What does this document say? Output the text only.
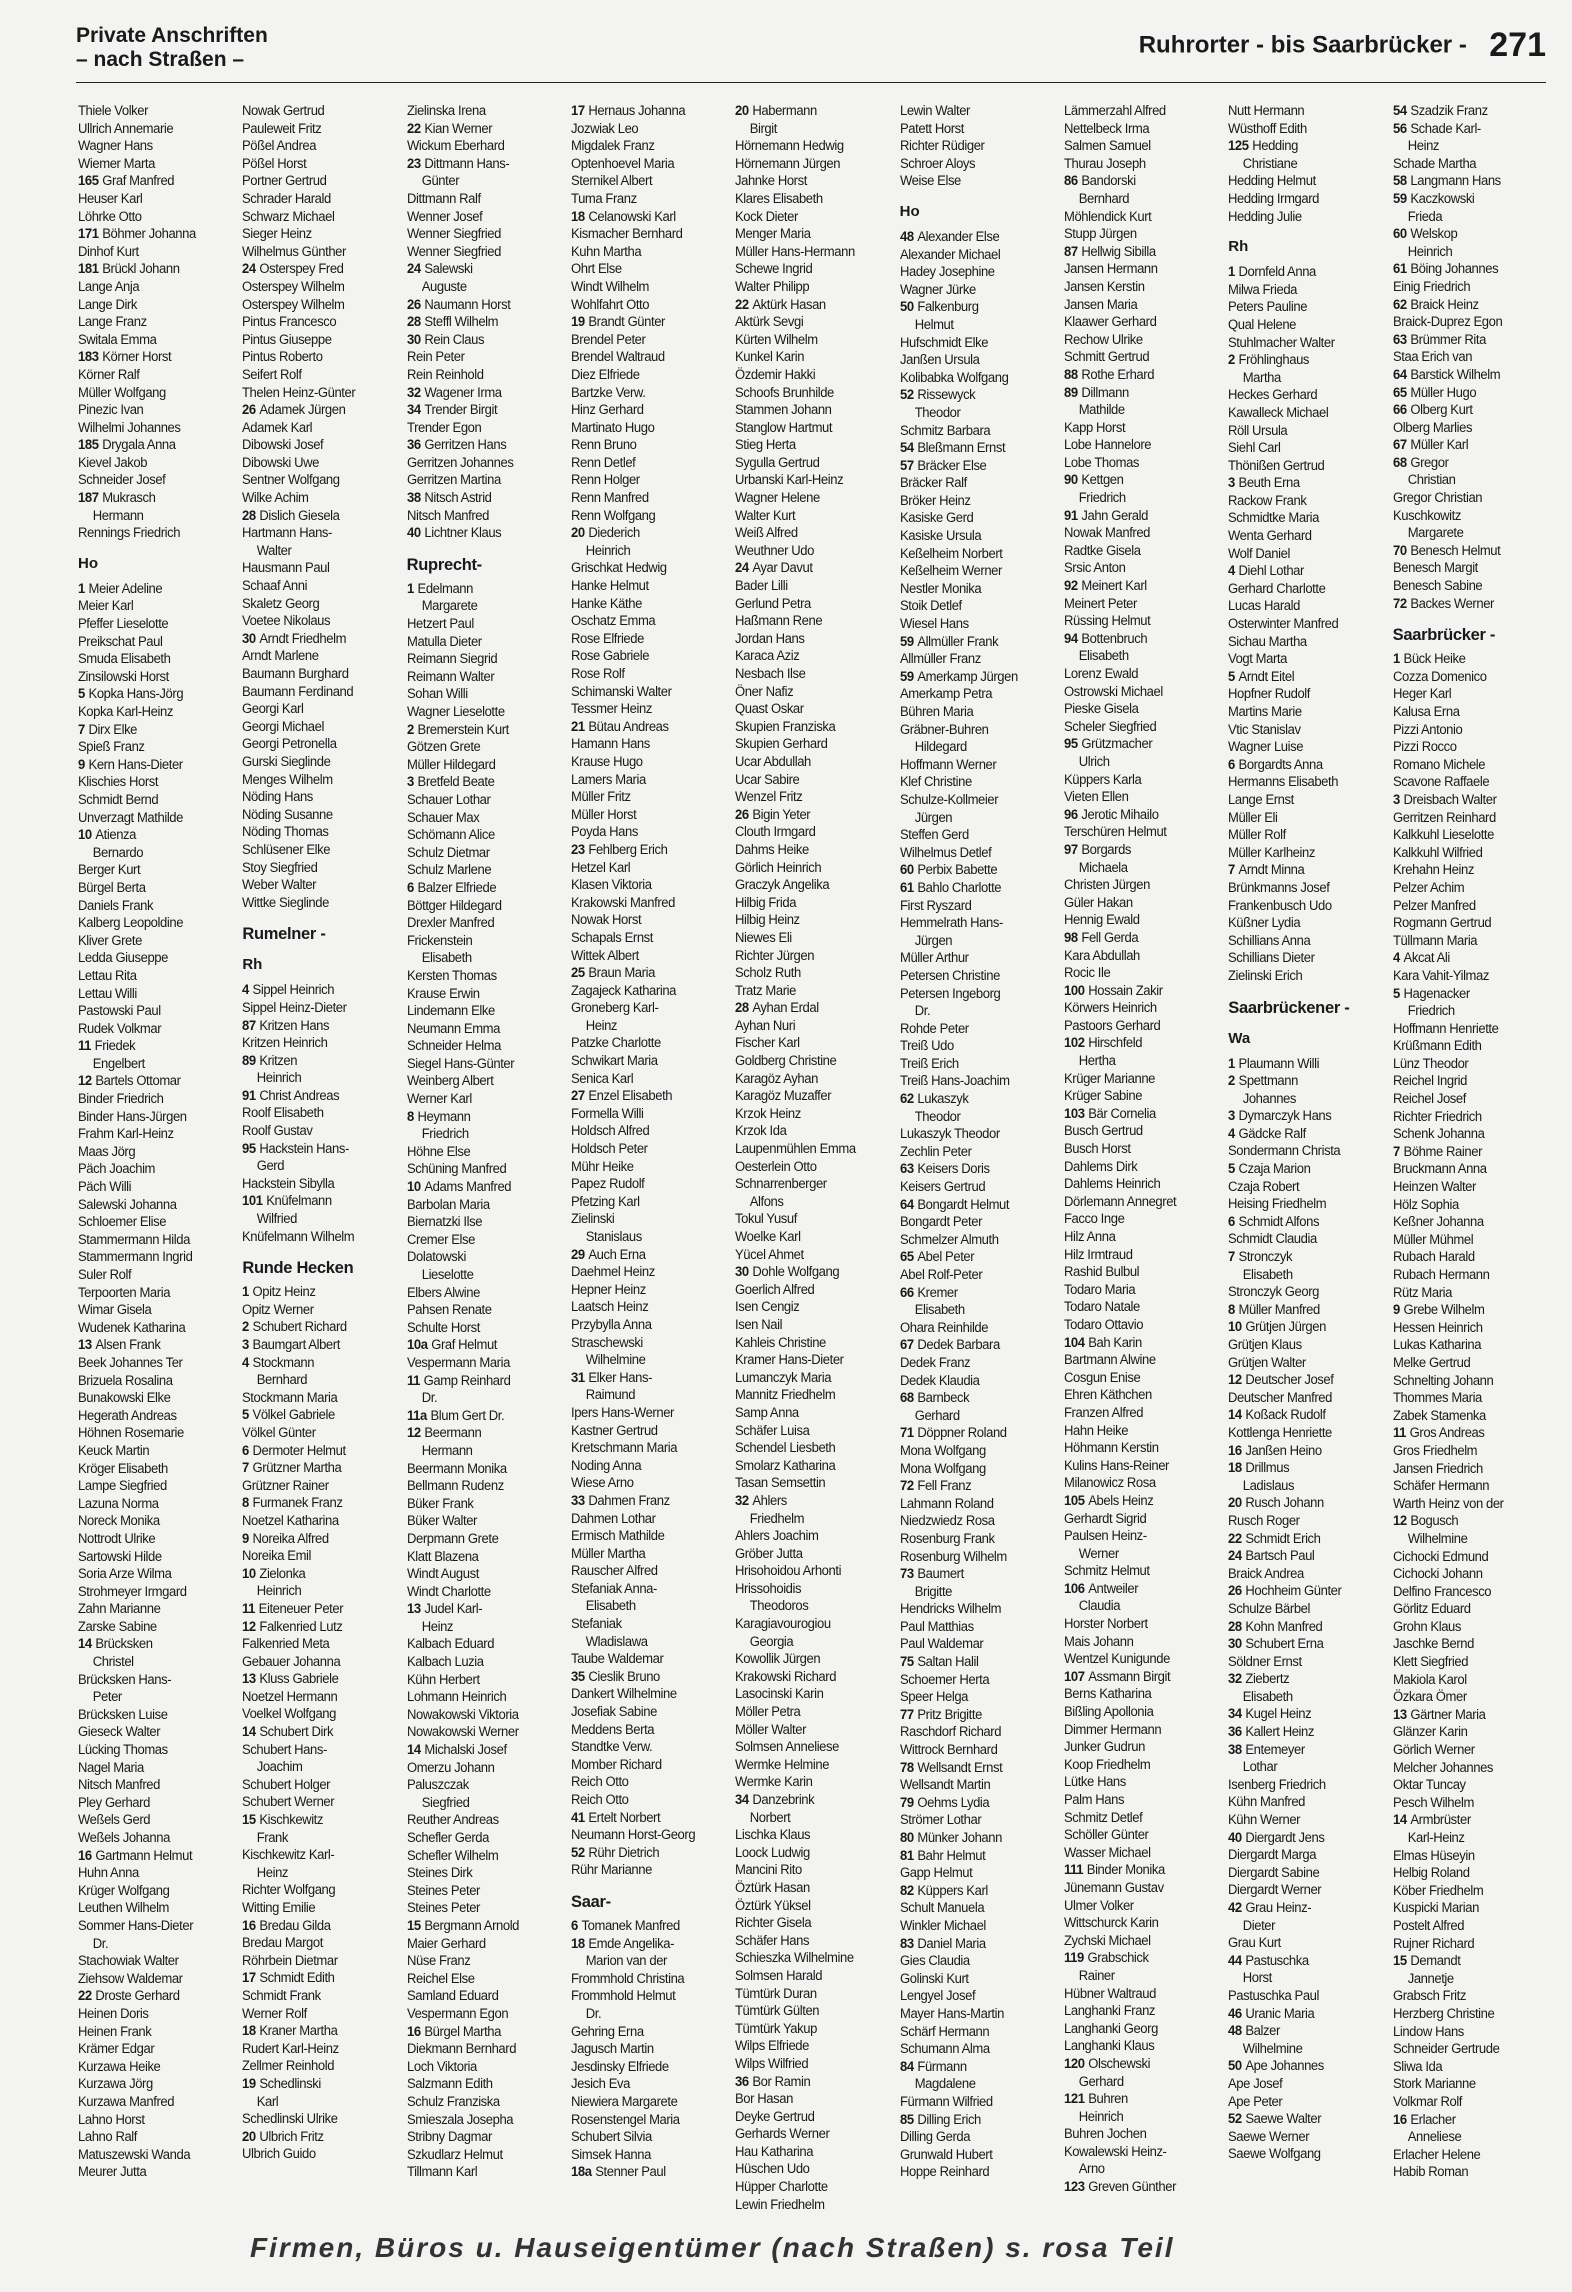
Private Anschriften
– nach Straßen –
Ruhrorter - bis Saarbrücker - 271
Thiele Volker
Ullrich Annemarie
Wagner Hans
Wiemer Marta
165 Graf Manfred
Heuser Karl
Löhrke Otto
171 Böhmer Johanna
Dinhof Kurt
181 Brückl Johann
Lange Anja
Lange Dirk
Lange Franz
Switala Emma
183 Körner Horst
Körner Ralf
Müller Wolfgang
Pinezic Ivan
Wilhelmi Johannes
185 Drygala Anna
Kievel Jakob
Schneider Josef
187 Mukrasch
Hermann
Rennings Friedrich
Ho
1 Meier Adeline
Meier Karl
Pfeffer Lieselotte
Preikschat Paul
Smuda Elisabeth
Zinsilowski Horst
5 Kopka Hans-Jörg
Kopka Karl-Heinz
7 Dirx Elke
Spieß Franz
9 Kern Hans-Dieter
Klischies Horst
Schmidt Bernd
Unverzagt Mathilde
10 Atienza
Bernardo
Berger Kurt
Bürgel Berta
Daniels Frank
Kalberg Leopoldine
Kliver Grete
Ledda Giuseppe
Lettau Rita
Lettau Willi
Pastowski Paul
Rudek Volkmar
11 Friedek
Engelbert
12 Bartels Ottomar
Binder Friedrich
Binder Hans-Jürgen
Frahm Karl-Heinz
Maas Jörg
Päch Joachim
Päch Willi
Salewski Johanna
Schloemer Elise
Stammermann Hilda
Stammermann Ingrid
Suler Rolf
Terpoorten Maria
Wimar Gisela
Wudenek Katharina
13 Alsen Frank
Beek Johannes Ter
Brizuela Rosalina
Bunakowski Elke
Hegerath Andreas
Höhnen Rosemarie
Keuck Martin
Kröger Elisabeth
Lampe Siegfried
Lazuna Norma
Noreck Monika
Nottrodt Ulrike
Sartowski Hilde
Soria Arze Wilma
Strohmeyer Irmgard
Zahn Marianne
Zarske Sabine
14 Brücksken
Christel
Brücksken Hans-
Peter
Brücksken Luise
Gieseck Walter
Lücking Thomas
Nagel Maria
Nitsch Manfred
Pley Gerhard
Weßels Gerd
Weßels Johanna
16 Gartmann Helmut
Huhn Anna
Krüger Wolfgang
Leuthen Wilhelm
Sommer Hans-Dieter
Dr.
Stachowiak Walter
Ziehsow Waldemar
22 Droste Gerhard
Heinen Doris
Heinen Frank
Krämer Edgar
Kurzawa Heike
Kurzawa Jörg
Kurzawa Manfred
Lahno Horst
Lahno Ralf
Matuszewski Wanda
Meurer Jutta
Nowak Gertrud
Pauleweit Fritz
Pößel Andrea
Pößel Horst
Portner Gertrud
Schrader Harald
Schwarz Michael
Sieger Heinz
Wilhelmus Günther
24 Osterspey Fred
Osterspey Wilhelm
Osterspey Wilhelm
Pintus Francesco
Pintus Giuseppe
Pintus Roberto
Seifert Rolf
Thelen Heinz-Günter
26 Adamek Jürgen
Adamek Karl
Dibowski Josef
Dibowski Uwe
Sentner Wolfgang
Wilke Achim
28 Dislich Giesela
Hartmann Hans-
Walter
Hausmann Paul
Schaaf Anni
Skaletz Georg
Voetee Nikolaus
30 Arndt Friedhelm
Arndt Marlene
Baumann Burghard
Baumann Ferdinand
Georgi Karl
Georgi Michael
Georgi Petronella
Gurski Sieglinde
Menges Wilhelm
Nöding Hans
Nöding Susanne
Nöding Thomas
Schlüsener Elke
Stoy Siegfried
Weber Walter
Wittke Sieglinde
Rumelner -
Rh
4 Sippel Heinrich
Sippel Heinz-Dieter
87 Kritzen Hans
Kritzen Heinrich
89 Kritzen
Heinrich
91 Christ Andreas
Roolf Elisabeth
Roolf Gustav
95 Hackstein Hans-
Gerd
Hackstein Sibylla
101 Knüfelmann
Wilfried
Knüfelmann Wilhelm
Runde Hecken
1 Opitz Heinz
Opitz Werner
2 Schubert Richard
3 Baumgart Albert
4 Stockmann
Bernhard
Stockmann Maria
5 Völkel Gabriele
Völkel Günter
6 Dermoter Helmut
7 Grützner Martha
Grützner Rainer
8 Furmanek Franz
Noetzel Katharina
9 Noreika Alfred
Noreika Emil
10 Zielonka
Heinrich
11 Eiteneuer Peter
12 Falkenried Lutz
Falkenried Meta
Gebauer Johanna
13 Kluss Gabriele
Noetzel Hermann
Voelkel Wolfgang
14 Schubert Dirk
Schubert Hans-
Joachim
Schubert Holger
Schubert Werner
15 Kischkewitz
Frank
Kischkewitz Karl-
Heinz
Richter Wolfgang
Witting Emilie
16 Bredau Gilda
Bredau Margot
Röhrbein Dietmar
17 Schmidt Edith
Schmidt Frank
Werner Rolf
18 Kraner Martha
Rudert Karl-Heinz
Zellmer Reinhold
19 Schedlinski
Karl
Schedlinski Ulrike
20 Ulbrich Fritz
Ulbrich Guido
Zielinska Irena
22 Kian Werner
Wickum Eberhard
23 Dittmann Hans-
Günter
Dittmann Ralf
Wenner Josef
Wenner Siegfried
Wenner Siegfried
24 Salewski
Auguste
26 Naumann Horst
28 Steffl Wilhelm
30 Rein Claus
Rein Peter
Rein Reinhold
32 Wagener Irma
34 Trender Birgit
Trender Egon
36 Gerritzen Hans
Gerritzen Johannes
Gerritzen Martina
38 Nitsch Astrid
Nitsch Manfred
40 Lichtner Klaus
Ruprecht-
1 Edelmann
Margarete
Hetzert Paul
Matulla Dieter
Reimann Siegrid
Reimann Walter
Sohan Willi
Wagner Lieselotte
2 Bremerstein Kurt
Götzen Grete
Müller Hildegard
3 Bretfeld Beate
Schauer Lothar
Schauer Max
Schömann Alice
Schulz Dietmar
Schulz Marlene
6 Balzer Elfriede
Böttger Hildegard
Drexler Manfred
Frickenstein
Elisabeth
Kersten Thomas
Krause Erwin
Lindemann Elke
Neumann Emma
Schneider Helma
Siegel Hans-Günter
Weinberg Albert
Werner Karl
8 Heymann
Friedrich
Höhne Else
Schüning Manfred
10 Adams Manfred
Barbolan Maria
Biernatzki Ilse
Cremer Else
Dolatowski
Lieselotte
Elbers Alwine
Pahsen Renate
Schulte Horst
10a Graf Helmut
Vespermann Maria
11 Gamp Reinhard
Dr.
11a Blum Gert Dr.
12 Beermann
Hermann
Beermann Monika
Bellmann Rudenz
Büker Frank
Büker Walter
Derpmann Grete
Klatt Blazena
Windt August
Windt Charlotte
13 Judel Karl-
Heinz
Kalbach Eduard
Kalbach Luzia
Kühn Herbert
Lohmann Heinrich
Nowakowski Viktoria
Nowakowski Werner
14 Michalski Josef
Omerzu Johann
Paluszczak
Siegfried
Reuther Andreas
Schefler Gerda
Schefler Wilhelm
Steines Dirk
Steines Peter
Steines Peter
15 Bergmann Arnold
Maier Gerhard
Nüse Franz
Reichel Else
Samland Eduard
Vespermann Egon
16 Bürgel Martha
Diekmann Bernhard
Loch Viktoria
Salzmann Edith
Schulz Franziska
Smieszala Josepha
Stribny Dagmar
Szkudlarz Helmut
Tillmann Karl
17 Hernaus Johanna
Jozwiak Leo
Migdalek Franz
Optenhoevel Maria
Sternikel Albert
Tuma Franz
18 Celanowski Karl
Kismacher Bernhard
Kuhn Martha
Ohrt Else
Windt Wilhelm
Wohlfahrt Otto
19 Brandt Günter
Brendel Peter
Brendel Waltraud
Diez Elfriede
Bartzke Verw.
Hinz Gerhard
Martinato Hugo
Renn Bruno
Renn Detlef
Renn Holger
Renn Manfred
Renn Wolfgang
20 Diederich
Heinrich
Grischkat Hedwig
Hanke Helmut
Hanke Käthe
Oschatz Emma
Rose Elfriede
Rose Gabriele
Rose Rolf
Schimanski Walter
Tessmer Heinz
21 Bütau Andreas
Hamann Hans
Krause Hugo
Lamers Maria
Müller Fritz
Müller Horst
Poyda Hans
23 Fehlberg Erich
Hetzel Karl
Klasen Viktoria
Krakowski Manfred
Nowak Horst
Schapals Ernst
Wittek Albert
25 Braun Maria
Zagajeck Katharina
Groneberg Karl-
Heinz
Patzke Charlotte
Schwikart Maria
Senica Karl
27 Enzel Elisabeth
Formella Willi
Holdsch Alfred
Holdsch Peter
Mühr Heike
Papez Rudolf
Pfetzing Karl
Zielinski
Stanislaus
29 Auch Erna
Daehmel Heinz
Hepner Heinz
Laatsch Heinz
Przybylla Anna
Straschewski
Wilhelmine
31 Elker Hans-
Raimund
Ipers Hans-Werner
Kastner Gertrud
Kretschmann Maria
Noding Anna
Wiese Arno
33 Dahmen Franz
Dahmen Lothar
Ermisch Mathilde
Müller Martha
Rauscher Alfred
Stefaniak Anna-
Elisabeth
Stefaniak
Wladislawa
Taube Waldemar
35 Cieslik Bruno
Dankert Wilhelmine
Josefiak Sabine
Meddens Berta
Standtke Verw.
Momber Richard
Reich Otto
Reich Otto
41 Ertelt Norbert
Neumann Horst-Georg
52 Rühr Dietrich
Rühr Marianne
Saar-
6 Tomanek Manfred
18 Emde Angelika-
Marion van der
Frommhold Christina
Frommhold Helmut
Dr.
Gehring Erna
Jagusch Martin
Jesdinsky Elfriede
Jesich Eva
Niewiera Margarete
Rosenstengel Maria
Schubert Silvia
Simsek Hanna
18a Stenner Paul
20 Habermann
Birgit
Hörnemann Hedwig
Hörnemann Jürgen
Jahnke Horst
Klares Elisabeth
Kock Dieter
Menger Maria
Müller Hans-Hermann
Schewe Ingrid
Walter Philipp
22 Aktürk Hasan
Aktürk Sevgi
Kürten Wilhelm
Kunkel Karin
Özdemir Hakki
Schoofs Brunhilde
Stammen Johann
Stanglow Hartmut
Stieg Herta
Sygulla Gertrud
Urbanski Karl-Heinz
Wagner Helene
Walter Kurt
Weiß Alfred
Weuthner Udo
24 Ayar Davut
Bader Lilli
Gerlund Petra
Haßmann Rene
Jordan Hans
Karaca Aziz
Nesbach Ilse
Öner Nafiz
Quast Oskar
Skupien Franziska
Skupien Gerhard
Ucar Abdullah
Ucar Sabire
Wenzel Fritz
26 Bigin Yeter
Clouth Irmgard
Dahms Heike
Görlich Heinrich
Graczyk Angelika
Hilbig Frida
Hilbig Heinz
Niewes Eli
Richter Jürgen
Scholz Ruth
Tratz Marie
28 Ayhan Erdal
Ayhan Nuri
Fischer Karl
Goldberg Christine
Karagöz Ayhan
Karagöz Muzaffer
Krzok Heinz
Krzok Ida
Laupenmühlen Emma
Oesterlein Otto
Schnarrenberger
Alfons
Tokul Yusuf
Woelke Karl
Yücel Ahmet
30 Dohle Wolfgang
Goerlich Alfred
Isen Cengiz
Isen Nail
Kahleis Christine
Kramer Hans-Dieter
Lumanczyk Maria
Mannitz Friedhelm
Samp Anna
Schäfer Luisa
Schendel Liesbeth
Smolarz Katharina
Tasan Semsettin
32 Ahlers
Friedhelm
Ahlers Joachim
Gröber Jutta
Hrisohoidou Arhonti
Hrissohoidis
Theodoros
Karagiavourogiou
Georgia
Kowollik Jürgen
Krakowski Richard
Lasocinski Karin
Möller Petra
Möller Walter
Solmsen Anneliese
Wermke Helmine
Wermke Karin
34 Danzebrink
Norbert
Lischka Klaus
Loock Ludwig
Mancini Rito
Öztürk Hasan
Öztürk Yüksel
Richter Gisela
Schäfer Hans
Schieszka Wilhelmine
Solmsen Harald
Tümtürk Duran
Tümtürk Gülten
Tümtürk Yakup
Wilps Elfriede
Wilps Wilfried
36 Bor Ramin
Bor Hasan
Deyke Gertrud
Gerhards Werner
Hau Katharina
Hüschen Udo
Hüpper Charlotte
Lewin Friedhelm
Lewin Walter
Patett Horst
Richter Rüdiger
Schroer Aloys
Weise Else
Ho
48 Alexander Else
Alexander Michael
Hadey Josephine
Wagner Jürke
50 Falkenburg
Helmut
Hufschmidt Elke
Janßen Ursula
Kolibabka Wolfgang
52 Rissewyck
Theodor
Schmitz Barbara
54 Bleßmann Ernst
57 Bräcker Else
Bräcker Ralf
Bröker Heinz
Kasiske Gerd
Kasiske Ursula
Keßelheim Norbert
Keßelheim Werner
Nestler Monika
Stoik Detlef
Wiesel Hans
59 Allmüller Frank
Allmüller Franz
59 Amerkamp Jürgen
Amerkamp Petra
Bühren Maria
Gräbner-Buhren
Hildegard
Hoffmann Werner
Klef Christine
Schulze-Kollmeier
Jürgen
Steffen Gerd
Wilhelmus Detlef
60 Perbix Babette
61 Bahlo Charlotte
First Ryszard
Hemmelrath Hans-
Jürgen
Müller Arthur
Petersen Christine
Petersen Ingeborg
Dr.
Rohde Peter
Treiß Udo
Treiß Erich
Treiß Hans-Joachim
62 Lukaszyk
Theodor
Lukaszyk Theodor
Zechlin Peter
63 Keisers Doris
Keisers Gertrud
64 Bongardt Helmut
Bongardt Peter
Schmelzer Almuth
65 Abel Peter
Abel Rolf-Peter
66 Kremer
Elisabeth
Ohara Reinhilde
67 Dedek Barbara
Dedek Franz
Dedek Klaudia
68 Barnbeck
Gerhard
71 Döppner Roland
Mona Wolfgang
Mona Wolfgang
72 Fell Franz
Lahmann Roland
Niedzwiedz Rosa
Rosenburg Frank
Rosenburg Wilhelm
73 Baumert
Brigitte
Hendricks Wilhelm
Paul Matthias
Paul Waldemar
75 Saltan Halil
Schoemer Herta
Speer Helga
77 Pritz Brigitte
Raschdorf Richard
Wittrock Bernhard
78 Wellsandt Ernst
Wellsandt Martin
79 Oehms Lydia
Strömer Lothar
80 Münker Johann
81 Bahr Helmut
Gapp Helmut
82 Küppers Karl
Schult Manuela
Winkler Michael
83 Daniel Maria
Gies Claudia
Golinski Kurt
Lengyel Josef
Mayer Hans-Martin
Schärf Hermann
Schumann Alma
84 Fürmann
Magdalene
Fürmann Wilfried
85 Dilling Erich
Dilling Gerda
Grunwald Hubert
Hoppe Reinhard
Lämmerzahl Alfred
Nettelbeck Irma
Salmen Samuel
Thurau Joseph
86 Bandorski
Bernhard
Möhlendick Kurt
Stupp Jürgen
87 Hellwig Sibilla
Jansen Hermann
Jansen Kerstin
Jansen Maria
Klaawer Gerhard
Rechow Ulrike
Schmitt Gertrud
88 Rothe Erhard
89 Dillmann
Mathilde
Kapp Horst
Lobe Hannelore
Lobe Thomas
90 Kettgen
Friedrich
91 Jahn Gerald
Nowak Manfred
Radtke Gisela
Srsic Anton
92 Meinert Karl
Meinert Peter
Rüssing Helmut
94 Bottenbruch
Elisabeth
Lorenz Ewald
Ostrowski Michael
Pieske Gisela
Scheler Siegfried
95 Grützmacher
Ulrich
Küppers Karla
Vieten Ellen
96 Jerotic Mihailo
Terschüren Helmut
97 Borgards
Michaela
Christen Jürgen
Güler Hakan
Hennig Ewald
98 Fell Gerda
Kara Abdullah
Rocic Ile
100 Hossain Zakir
Körwers Heinrich
Pastoors Gerhard
102 Hirschfeld
Hertha
Krüger Marianne
Krüger Sabine
103 Bär Cornelia
Busch Gertrud
Busch Horst
Dahlems Dirk
Dahlems Heinrich
Dörlemann Annegret
Facco Inge
Hilz Anna
Hilz Irmtraud
Rashid Bulbul
Todaro Maria
Todaro Natale
Todaro Ottavio
104 Bah Karin
Bartmann Alwine
Cosgun Enise
Ehren Käthchen
Franzen Alfred
Hahn Heike
Höhmann Kerstin
Kulins Hans-Reiner
Milanowicz Rosa
105 Abels Heinz
Gerhardt Sigrid
Paulsen Heinz-
Werner
Schmitz Helmut
106 Antweiler
Claudia
Horster Norbert
Mais Johann
Wentzel Kunigunde
107 Assmann Birgit
Berns Katharina
Bißling Apollonia
Dimmer Hermann
Junker Gudrun
Koop Friedhelm
Lütke Hans
Palm Hans
Schmitz Detlef
Schöller Günter
Wasser Michael
111 Binder Monika
Jünemann Gustav
Ulmer Volker
Wittschurck Karin
Zychski Michael
119 Grabschick
Rainer
Hübner Waltraud
Langhanki Franz
Langhanki Georg
Langhanki Klaus
120 Olschewski
Gerhard
121 Buhren
Heinrich
Buhren Jochen
Kowalewski Heinz-
Arno
123 Greven Günther
Nutt Hermann
Wüsthoff Edith
125 Hedding
Christiane
Hedding Helmut
Hedding Irmgard
Hedding Julie
Rh
1 Dornfeld Anna
Milwa Frieda
Peters Pauline
Qual Helene
Stuhlmacher Walter
2 Fröhlinghaus
Martha
Heckes Gerhard
Kawalleck Michael
Röll Ursula
Siehl Carl
Thönißen Gertrud
3 Beuth Erna
Rackow Frank
Schmidtke Maria
Wenta Gerhard
Wolf Daniel
4 Diehl Lothar
Gerhard Charlotte
Lucas Harald
Osterwinter Manfred
Sichau Martha
Vogt Marta
5 Arndt Eitel
Hopfner Rudolf
Martins Marie
Vtic Stanislav
Wagner Luise
6 Borgardts Anna
Hermanns Elisabeth
Lange Ernst
Müller Eli
Müller Rolf
Müller Karlheinz
7 Arndt Minna
Brünkmanns Josef
Frankenbusch Udo
Küßner Lydia
Schillians Anna
Schillians Dieter
Zielinski Erich
Saarbrückener -
Wa
1 Plaumann Willi
2 Spettmann
Johannes
3 Dymarczyk Hans
4 Gädcke Ralf
Sondermann Christa
5 Czaja Marion
Czaja Robert
Heising Friedhelm
6 Schmidt Alfons
Schmidt Claudia
7 Stronczyk
Elisabeth
Stronczyk Georg
8 Müller Manfred
10 Grütjen Jürgen
Grütjen Klaus
Grütjen Walter
12 Deutscher Josef
Deutscher Manfred
14 Koßack Rudolf
Kottlenga Henriette
16 Janßen Heino
18 Drillmus
Ladislaus
20 Rusch Johann
Rusch Roger
22 Schmidt Erich
24 Bartsch Paul
Braick Andrea
26 Hochheim Günter
Schulze Bärbel
28 Kohn Manfred
30 Schubert Erna
Söldner Ernst
32 Ziebertz
Elisabeth
34 Kugel Heinz
36 Kallert Heinz
38 Entemeyer
Lothar
Isenberg Friedrich
Kühn Manfred
Kühn Werner
40 Diergardt Jens
Diergardt Marga
Diergardt Sabine
Diergardt Werner
42 Grau Heinz-
Dieter
Grau Kurt
44 Pastuschka
Horst
Pastuschka Paul
46 Uranic Maria
48 Balzer
Wilhelmine
50 Ape Johannes
Ape Josef
Ape Peter
52 Saewe Walter
Saewe Werner
Saewe Wolfgang
54 Szadzik Franz
56 Schade Karl-
Heinz
Schade Martha
58 Langmann Hans
59 Kaczkowski
Frieda
60 Welskop
Heinrich
61 Böing Johannes
Einig Friedrich
62 Braick Heinz
Braick-Duprez Egon
63 Brümmer Rita
Staa Erich van
64 Barstick Wilhelm
65 Müller Hugo
66 Olberg Kurt
Olberg Marlies
67 Müller Karl
68 Gregor
Christian
Gregor Christian
Kuschkowitz
Margarete
70 Benesch Helmut
Benesch Margit
Benesch Sabine
72 Backes Werner
Saarbrücker -
1 Bück Heike
Cozza Domenico
Heger Karl
Kalusa Erna
Pizzi Antonio
Pizzi Rocco
Romano Michele
Scavone Raffaele
3 Dreisbach Walter
Gerritzen Reinhard
Kalkkuhl Lieselotte
Kalkkuhl Wilfried
Krehahn Heinz
Pelzer Achim
Pelzer Manfred
Rogmann Gertrud
Tüllmann Maria
4 Akcat Ali
Kara Vahit-Yilmaz
5 Hagenacker
Friedrich
Hoffmann Henriette
Krüßmann Edith
Lünz Theodor
Reichel Ingrid
Reichel Josef
Richter Friedrich
Schenk Johanna
7 Böhme Rainer
Bruckmann Anna
Heinzen Walter
Hölz Sophia
Keßner Johanna
Müller Mühmel
Rubach Harald
Rubach Hermann
Rütz Maria
9 Grebe Wilhelm
Hessen Heinrich
Lukas Katharina
Melke Gertrud
Schnelting Johann
Thommes Maria
Zabek Stamenka
11 Gros Andreas
Gros Friedhelm
Jansen Friedrich
Schäfer Hermann
Warth Heinz von der
12 Bogusch
Wilhelmine
Cichocki Edmund
Cichocki Johann
Delfino Francesco
Görlitz Eduard
Grohn Klaus
Jaschke Bernd
Klett Siegfried
Makiola Karol
Özkara Ömer
13 Gärtner Maria
Glänzer Karin
Görlich Werner
Melcher Johannes
Oktar Tuncay
Pesch Wilhelm
14 Armbrüster
Karl-Heinz
Elmas Hüseyin
Helbig Roland
Köber Friedhelm
Kuspicki Marian
Postelt Alfred
Rujner Richard
15 Demandt
Jannetje
Grabsch Fritz
Herzberg Christine
Lindow Hans
Schneider Gertrude
Sliwa Ida
Stork Marianne
Volkmar Rolf
16 Erlacher
Anneliese
Erlacher Helene
Habib Roman
Firmen, Büros u. Hauseigentümer (nach Straßen) s. rosa Teil
